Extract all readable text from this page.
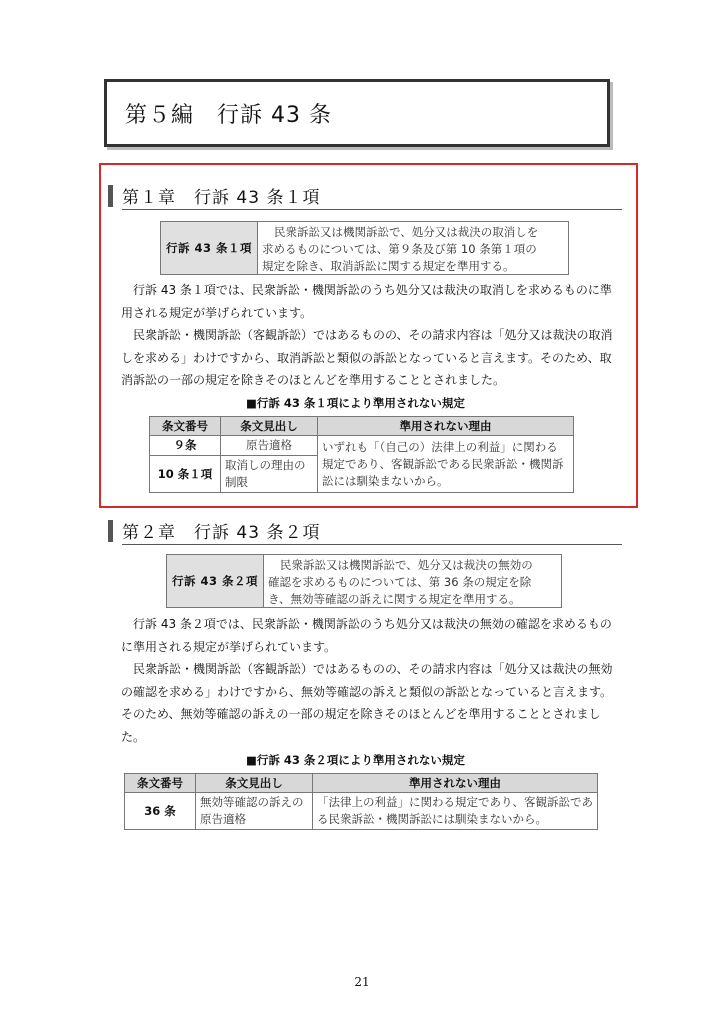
第５編　行訴 43 条
第１章　行訴 43 条１項
行訴 43 条１項
民衆訴訟又は機関訴訟で、処分又は裁決の取消しを
求めるものについては、第９条及び第 10 条第１項の
規定を除き、取消訴訟に関する規定を準用する。

行訴 43 条１項では、民衆訴訟・機関訴訟のうち処分又は裁決の取消しを求めるものに準用される規定が挙げられています。

民衆訴訟・機関訴訟（客観訴訟）ではあるものの、その請求内容は「処分又は裁決の取消しを求める」わけですから、取消訴訟と類似の訴訟となっていると言えます。そのため、取消訴訟の一部の規定を除きそのほとんどを準用することとされました。

■行訴 43 条１項により準用されない規定
条文番号	条文見出し	準用されない理由
９条	原告適格	いずれも「（自己の）法律上の利益」に関わる規定であり、客観訴訟である民衆訴訟・機関訴訟には馴染まないから。
10 条１項	取消しの理由の制限	
第２章　行訴 43 条２項
行訴 43 条２項
民衆訴訟又は機関訴訟で、処分又は裁決の無効の
確認を求めるものについては、第 36 条の規定を除
き、無効等確認の訴えに関する規定を準用する。

行訴 43 条２項では、民衆訴訟・機関訴訟のうち処分又は裁決の無効の確認を求めるものに準用される規定が挙げられています。

民衆訴訟・機関訴訟（客観訴訟）ではあるものの、その請求内容は「処分又は裁決の無効の確認を求める」わけですから、無効等確認の訴えと類似の訴訟となっていると言えます。そのため、無効等確認の訴えの一部の規定を除きそのほとんどを準用することとされました。

■行訴 43 条２項により準用されない規定
条文番号	条文見出し	準用されない理由
36 条	無効等確認の訴えの原告適格	「法律上の利益」に関わる規定であり、客観訴訟である民衆訴訟・機関訴訟には馴染まないから。
21
